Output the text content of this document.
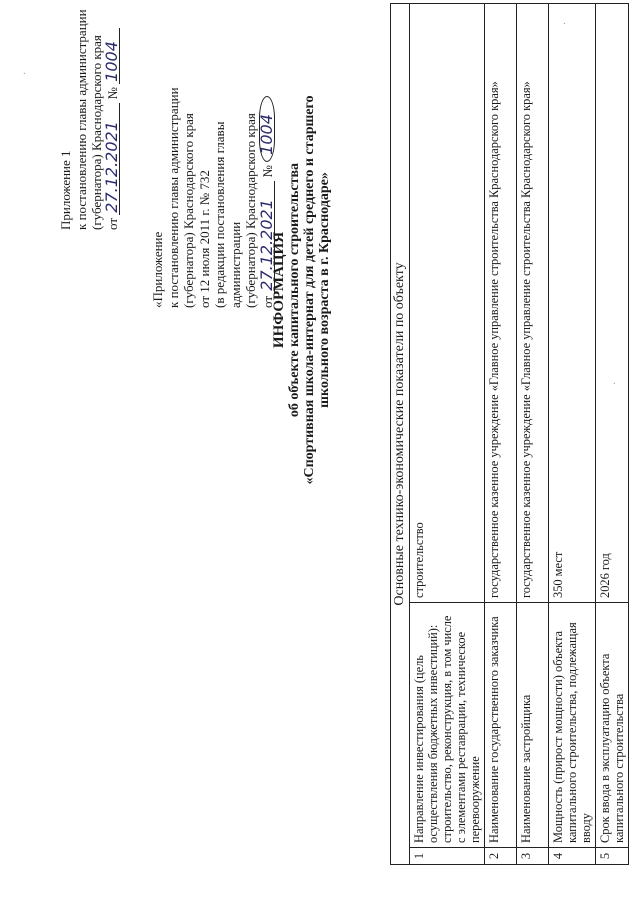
Приложение 1 к постановлению главы администрации (губернатора) Краснодарского края от 27.12.2021 № 1004
«Приложение к постановлению главы администрации (губернатора) Краснодарского края от 12 июля 2011 г. № 732 (в редакции постановления главы администрации (губернатора) Краснодарского края от 27.12.2021 № 1004
ИНФОРМАЦИЯ об объекте капитального строительства «Спортивная школа-интернат для детей среднего и старшего школьного возраста в г. Краснодаре»	Основные технико-экономические показатели по объекту		
1	Направление инвестирования (цель осуществления бюджетных инвестиций): строительство, реконструкция, в том числе с элементами реставрации, техническое перевооружение	строительство
2	Наименование государственного заказчика	государственное казенное учреждение «Главное управление строительства Краснодарского края»
3	Наименование застройщика	государственное казенное учреждение «Главное управление строительства Краснодарского края»
4	Мощность (прирост мощности) объекта капитального строительства, подлежащая вводу	350 мест
5	Срок ввода в эксплуатацию объекта капитального строительства	2026 год
·
·
·
